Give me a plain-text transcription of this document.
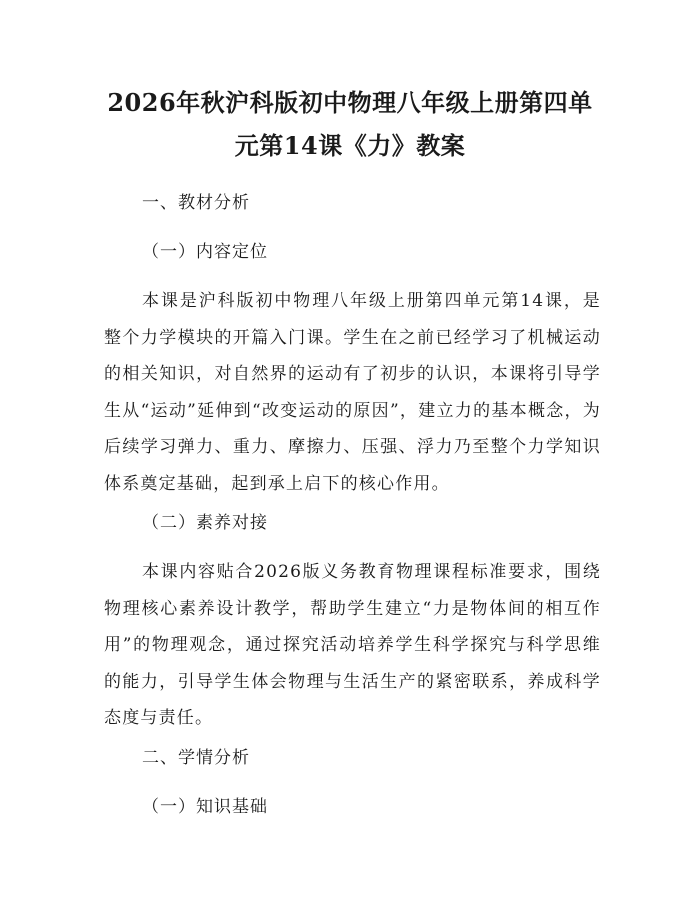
2026年秋沪科版初中物理八年级上册第四单
元第14课《力》教案
一、教材分析
（一）内容定位
本课是沪科版初中物理八年级上册第四单元第14课，是整个力学模块的开篇入门课。学生在之前已经学习了机械运动的相关知识，对自然界的运动有了初步的认识，本课将引导学生从“运动”延伸到“改变运动的原因”，建立力的基本概念，为后续学习弹力、重力、摩擦力、压强、浮力乃至整个力学知识体系奠定基础，起到承上启下的核心作用。
（二）素养对接
本课内容贴合2026版义务教育物理课程标准要求，围绕物理核心素养设计教学，帮助学生建立“力是物体间的相互作用”的物理观念，通过探究活动培养学生科学探究与科学思维的能力，引导学生体会物理与生活生产的紧密联系，养成科学态度与责任。
二、学情分析
（一）知识基础
